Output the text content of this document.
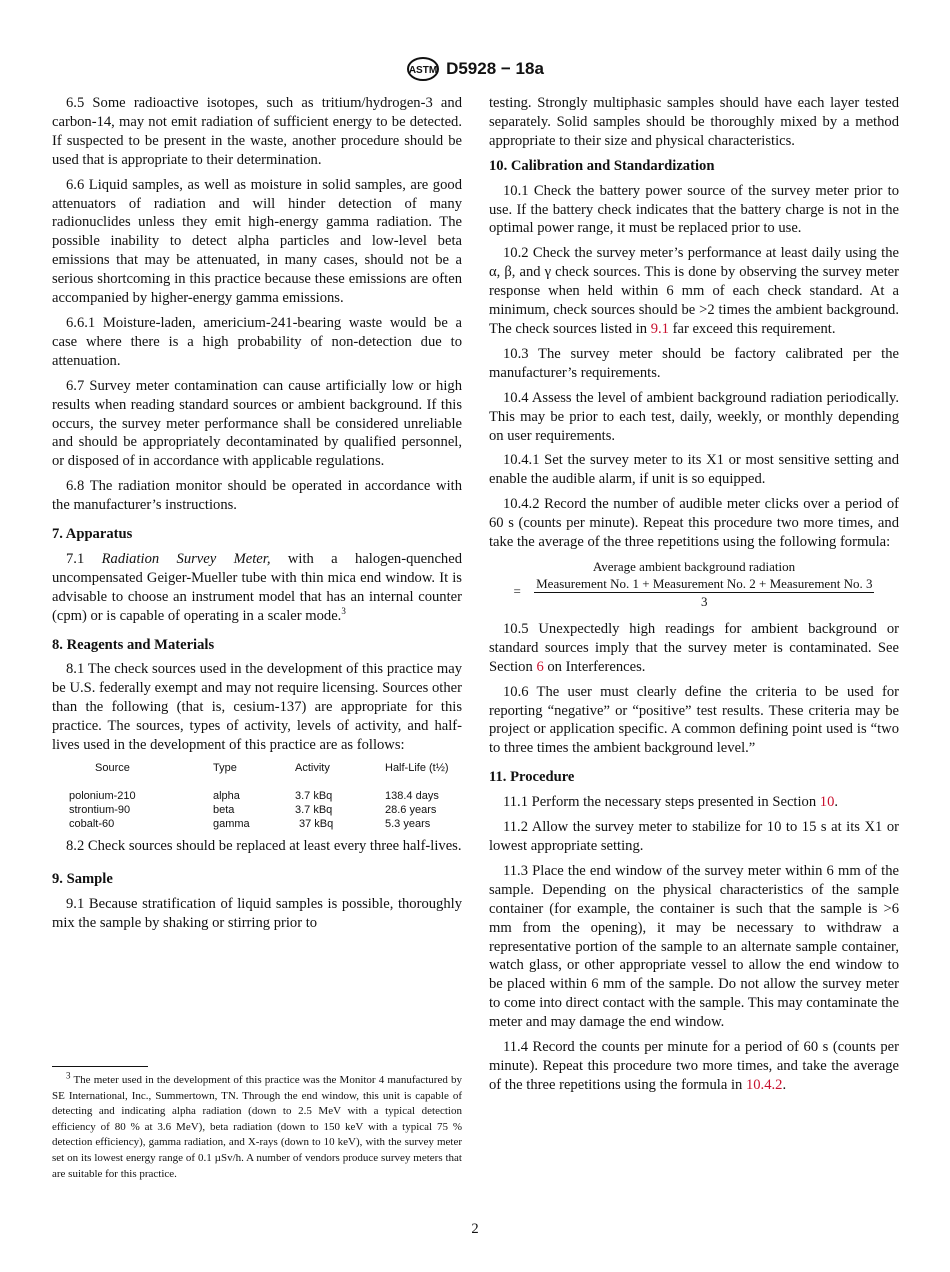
ASTM D5928 − 18a

6.5 Some radioactive isotopes, such as tritium/hydrogen-3 and carbon-14, may not emit radiation of sufficient energy to be detected. If suspected to be present in the waste, another procedure should be used that is appropriate to their determination.

6.6 Liquid samples, as well as moisture in solid samples, are good attenuators of radiation and will hinder detection of many radionuclides unless they emit high-energy gamma radiation. The possible inability to detect alpha particles and low-level beta emissions that may be attenuated, in many cases, should not be a serious shortcoming in this practice because these emissions are often accompanied by higher-energy gamma emissions.

6.6.1 Moisture-laden, americium-241-bearing waste would be a case where there is a high probability of non-detection due to attenuation.

6.7 Survey meter contamination can cause artificially low or high results when reading standard sources or ambient background. If this occurs, the survey meter performance shall be considered unreliable and should be appropriately decontaminated by qualified personnel, or disposed of in accordance with applicable regulations.

6.8 The radiation monitor should be operated in accordance with the manufacturer’s instructions.

7. Apparatus

7.1 Radiation Survey Meter, with a halogen-quenched uncompensated Geiger-Mueller tube with thin mica end window. It is advisable to choose an instrument model that has an internal counter (cpm) or is capable of operating in a scaler mode.$^3$

8. Reagents and Materials

8.1 The check sources used in the development of this practice may be U.S. federally exempt and may not require licensing. Sources other than the following (that is, cesium-137) are appropriate for this practice. The sources, types of activity, levels of activity, and half-lives used in the development of this practice are as follows:

Source	Type	Activity	Half-Life (t½)
polonium-210	alpha	3.7 kBq	138.4 days
strontium-90	beta	3.7 kBq	28.6 years
cobalt-60	gamma	37 kBq	5.3 years

8.2 Check sources should be replaced at least every three half-lives.

9. Sample

9.1 Because stratification of liquid samples is possible, thoroughly mix the sample by shaking or stirring prior to

testing. Strongly multiphasic samples should have each layer tested separately. Solid samples should be thoroughly mixed by a method appropriate to their size and physical characteristics.

10. Calibration and Standardization

10.1 Check the battery power source of the survey meter prior to use. If the battery check indicates that the battery charge is not in the optimal power range, it must be replaced prior to use.

10.2 Check the survey meter’s performance at least daily using the α, β, and γ check sources. This is done by observing the survey meter response when held within 6 mm of each check standard. At a minimum, check sources should be >2 times the ambient background. The check sources listed in 9.1 far exceed this requirement.

10.3 The survey meter should be factory calibrated per the manufacturer’s requirements.

10.4 Assess the level of ambient background radiation periodically. This may be prior to each test, daily, weekly, or monthly depending on user requirements.

10.4.1 Set the survey meter to its X1 or most sensitive setting and enable the audible alarm, if unit is so equipped.

10.4.2 Record the number of audible meter clicks over a period of 60 s (counts per minute). Repeat this procedure two more times, and take the average of the three repetitions using the following formula:

Average ambient background radiation
= $\frac{\text{Measurement No. 1 + Measurement No. 2 + Measurement No. 3}}{3}$

10.5 Unexpectedly high readings for ambient background or standard sources imply that the survey meter is contaminated. See Section 6 on Interferences.

10.6 The user must clearly define the criteria to be used for reporting “negative” or “positive” test results. These criteria may be project or application specific. A common defining point used is “two to three times the ambient background level.”

11. Procedure

11.1 Perform the necessary steps presented in Section 10.

11.2 Allow the survey meter to stabilize for 10 to 15 s at its X1 or lowest appropriate setting.

11.3 Place the end window of the survey meter within 6 mm of the sample. Depending on the physical characteristics of the sample container (for example, the container is such that the sample is >6 mm from the opening), it may be necessary to withdraw a representative portion of the sample to an alternate sample container, watch glass, or other appropriate vessel to allow the end window to be placed within 6 mm of the sample. Do not allow the survey meter to come into direct contact with the sample. This may contaminate the meter and may damage the end window.

11.4 Record the counts per minute for a period of 60 s (counts per minute). Repeat this procedure two more times, and take the average of the three repetitions using the formula in 10.4.2.

$^3$ The meter used in the development of this practice was the Monitor 4 manufactured by SE International, Inc., Summertown, TN. Through the end window, this unit is capable of detecting and indicating alpha radiation (down to 2.5 MeV with a typical detection efficiency of 80 % at 3.6 MeV), beta radiation (down to 150 keV with a typical 75 % detection efficiency), gamma radiation, and X-rays (down to 10 keV), with the survey meter set on its lowest energy range of 0.1 µSv/h. A number of vendors produce survey meters that are suitable for this practice.
2
